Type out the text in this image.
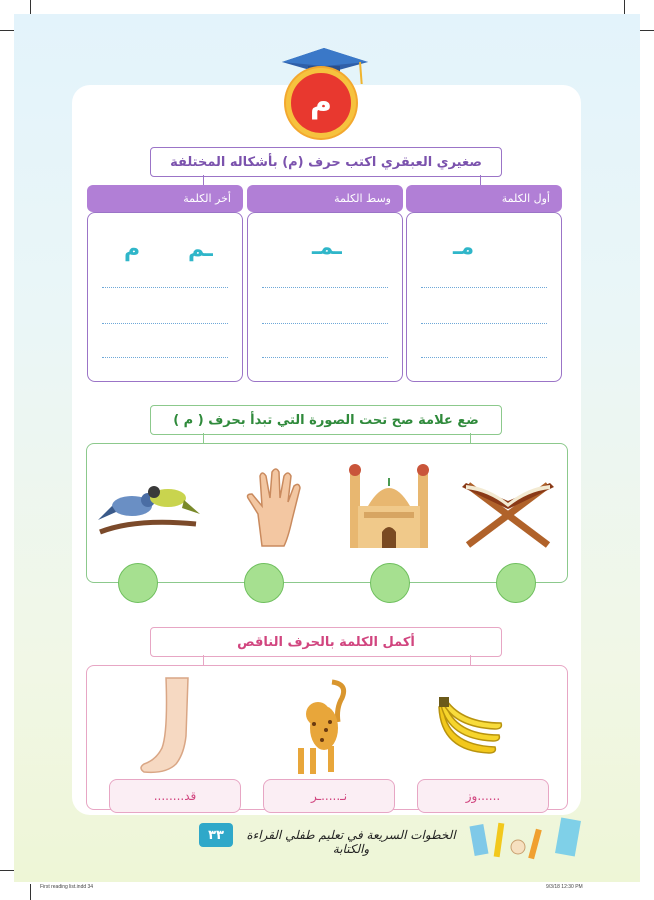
م
صغيري العبقري اكتب حرف (م) بأشكاله المختلفة
أول الكلمة
وسط الكلمة
أخر الكلمة
مـ
ـمـ
ـم
م
ضع علامة صح تحت الصورة التي تبدأ بحرف ( م )
أكمل الكلمة بالحرف الناقص
......وز
نـ.....ـر
قد........
٣٣	الخطوات السريعة في تعليم طفلي القراءة والكتابة
First reading list.indd 34	9/3/18 12:30 PM
